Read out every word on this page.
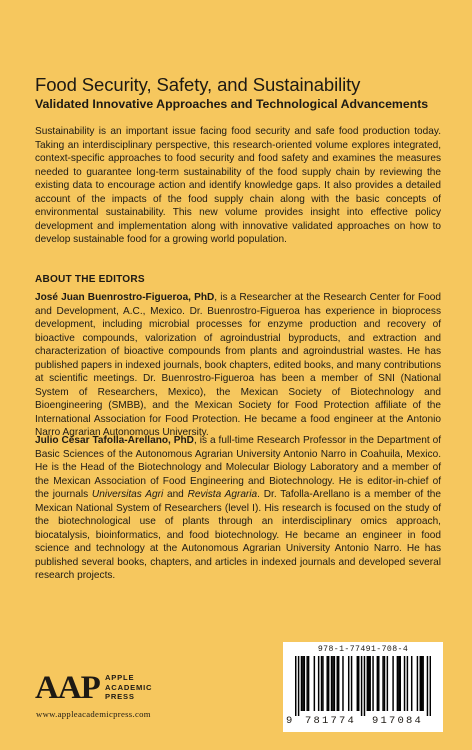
Food Security, Safety, and Sustainability
Validated Innovative Approaches and Technological Advancements

Sustainability is an important issue facing food security and safe food production today. Taking an interdisciplinary perspective, this research-oriented volume explores integrated, context-specific approaches to food security and food safety and examines the measures needed to guarantee long-term sustainability of the food supply chain by reviewing the existing data to encourage action and identify knowledge gaps. It also provides a detailed account of the impacts of the food supply chain along with the basic concepts of environmental sustainability. This new volume provides insight into effective policy development and implementation along with innovative validated approaches on how to develop sustainable food for a growing world population.

ABOUT THE EDITORS

José Juan Buenrostro-Figueroa, PhD, is a Researcher at the Research Center for Food and Development, A.C., Mexico. Dr. Buenrostro-Figueroa has experience in bioprocess development, including microbial processes for enzyme production and recovery of bioactive compounds, valorization of agroindustrial byproducts, and extraction and characterization of bioactive compounds from plants and agroindustrial wastes. He has published papers in indexed journals, book chapters, edited books, and many contributions at scientific meetings. Dr. Buenrostro-Figueroa has been a member of SNI (National System of Researchers, Mexico), the Mexican Society of Biotechnology and Bioengineering (SMBB), and the Mexican Society for Food Protection affiliate of the International Association for Food Protection. He became a food engineer at the Antonio Narro Agrarian Autonomous University.

Julio César Tafolla-Arellano, PhD, is a full-time Research Professor in the Department of Basic Sciences of the Autonomous Agrarian University Antonio Narro in Coahuila, Mexico. He is the Head of the Biotechnology and Molecular Biology Laboratory and a member of the Mexican Association of Food Engineering and Biotechnology. He is editor-in-chief of the journals Universitas Agri and Revista Agraria. Dr. Tafolla-Arellano is a member of the Mexican National System of Researchers (level I). His research is focused on the study of the biotechnological use of plants through an interdisciplinary omics approach, biocatalysis, bioinformatics, and food biotechnology. He became an engineer in food science and technology at the Autonomous Agrarian University Antonio Narro. He has published several books, chapters, and articles in indexed journals and developed several research projects.

AAP APPLE
ACADEMIC
PRESS
www.appleacademicpress.com
978-1-77491-708-4
9 781774 917084
